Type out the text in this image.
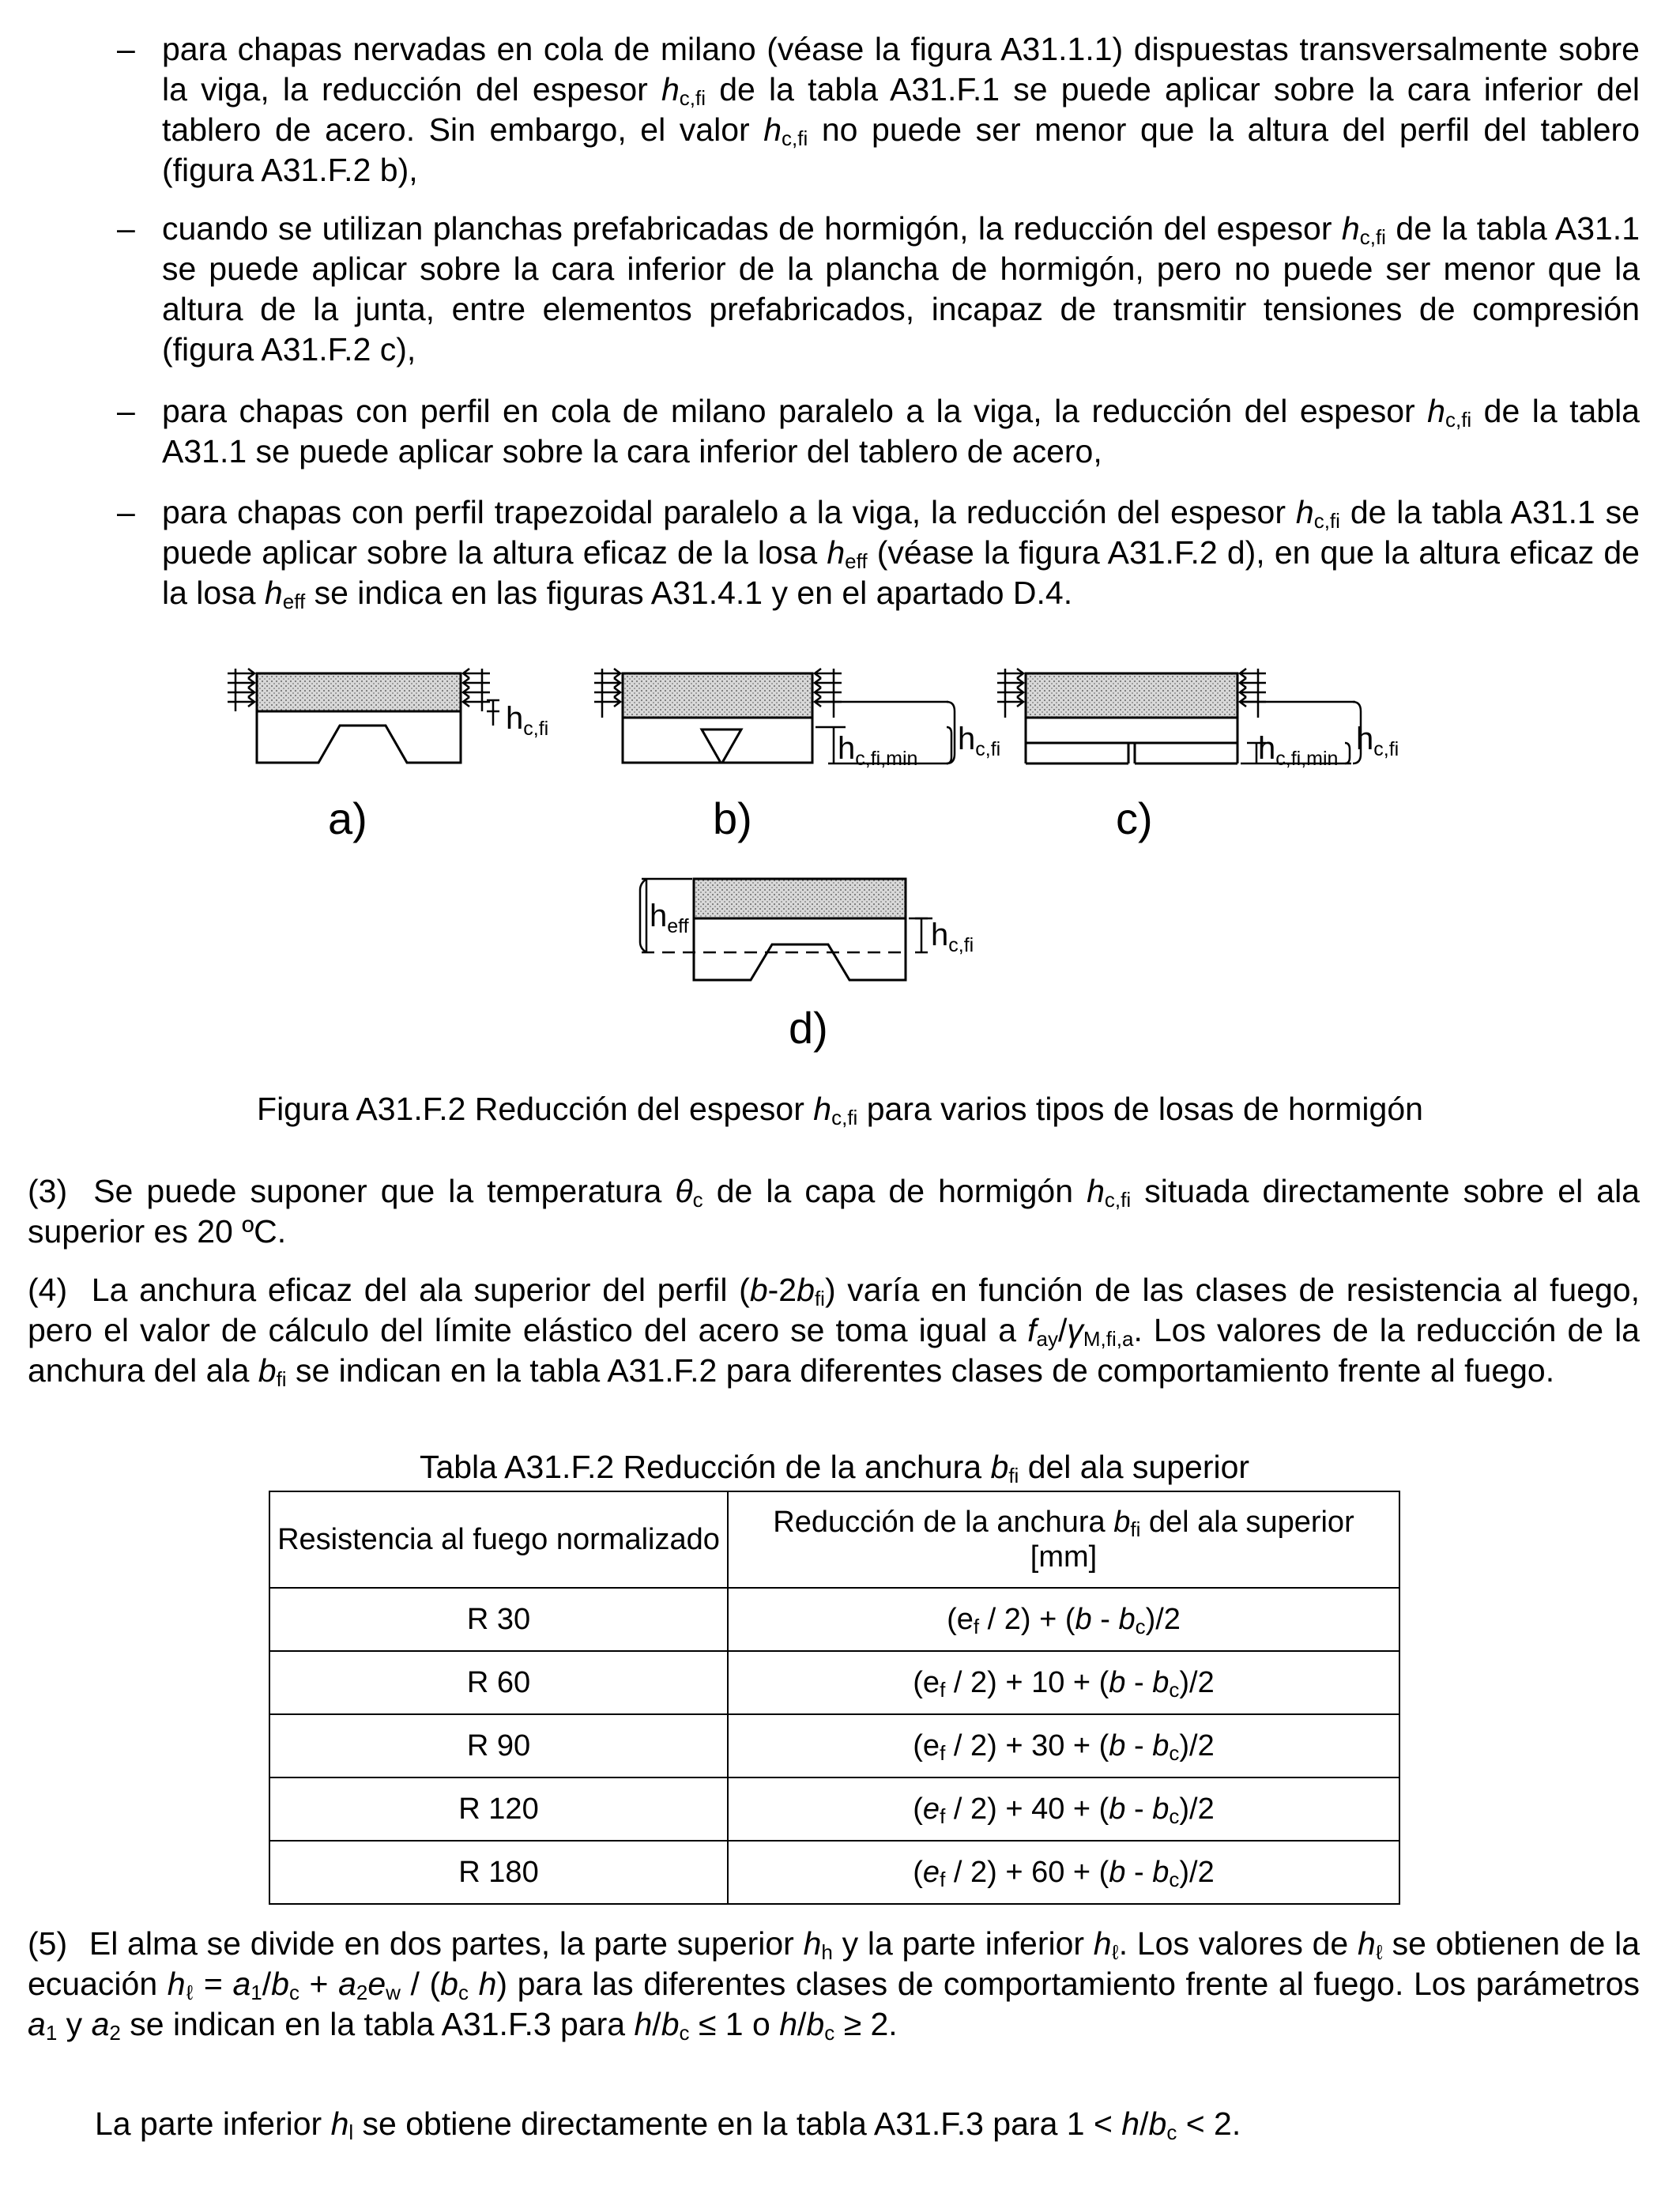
– para chapas nervadas en cola de milano (véase la figura A31.1.1) dispuestas transversalmente sobre la viga, la reducción del espesor $h_{c,fi}$ de la tabla A31.F.1 se puede aplicar sobre la cara inferior del tablero de acero. Sin embargo, el valor $h_{c,fi}$ no puede ser menor que la altura del perfil del tablero (figura A31.F.2 b),

– cuando se utilizan planchas prefabricadas de hormigón, la reducción del espesor $h_{c,fi}$ de la tabla A31.1 se puede aplicar sobre la cara inferior de la plancha de hormigón, pero no puede ser menor que la altura de la junta, entre elementos prefabricados, incapaz de transmitir tensiones de compresión (figura A31.F.2 c),

– para chapas con perfil en cola de milano paralelo a la viga, la reducción del espesor $h_{c,fi}$ de la tabla A31.1 se puede aplicar sobre la cara inferior del tablero de acero,

– para chapas con perfil trapezoidal paralelo a la viga, la reducción del espesor $h_{c,fi}$ de la tabla A31.1 se puede aplicar sobre la altura eficaz de la losa $h_{eff}$ (véase la figura A31.F.2 d), en que la altura eficaz de la losa $h_{eff}$ se indica en las figuras A31.4.1 y en el apartado D.4.

$h_{c,fi}$
a)
$h_{c,fi,min}$
$h_{c,fi}$
b)
$h_{c,fi,min}$
$h_{c,fi}$
c)
$h_{eff}$	$h_{c,fi}$
d)
Figura A31.F.2 Reducción del espesor $h_{c,fi}$ para varios tipos de losas de hormigón

(3) Se puede suponer que la temperatura $\theta_c$ de la capa de hormigón $h_{c,fi}$ situada directamente sobre el ala superior es 20 ºC.

(4) La anchura eficaz del ala superior del perfil $(b-2b_{fi})$ varía en función de las clases de resistencia al fuego, pero el valor de cálculo del límite elástico del acero se toma igual a $f_{ay}/\gamma_{M,fi,a}$. Los valores de la reducción de la anchura del ala $b_{fi}$ se indican en la tabla A31.F.2 para diferentes clases de comportamiento frente al fuego.

Tabla A31.F.2 Reducción de la anchura $b_{fi}$ del ala superior
Resistencia al fuego normalizado	Reducción de la anchura $b_{fi}$ del ala superior
[mm]
R 30	$(e_f / 2) + (b - b_c)/2$
R 60	$(e_f / 2) + 10 + (b - b_c)/2$
R 90	$(e_f / 2) + 30 + (b - b_c)/2$
R 120	$(e_f / 2) + 40 + (b - b_c)/2$
R 180	$(e_f / 2) + 60 + (b - b_c)/2$

(5) El alma se divide en dos partes, la parte superior $h_h$ y la parte inferior $h_\ell$. Los valores de $h_\ell$ se obtienen de la ecuación $h_\ell = a_1/b_c + a_2e_w / (b_c$ h) para las diferentes clases de comportamiento frente al fuego. Los parámetros $a_1$ y $a_2$ se indican en la tabla A31.F.3 para $h/b_c \le 1$ o $h/b_c \ge 2$.

La parte inferior $h_l$ se obtiene directamente en la tabla A31.F.3 para $1 < h/b_c < 2$.
